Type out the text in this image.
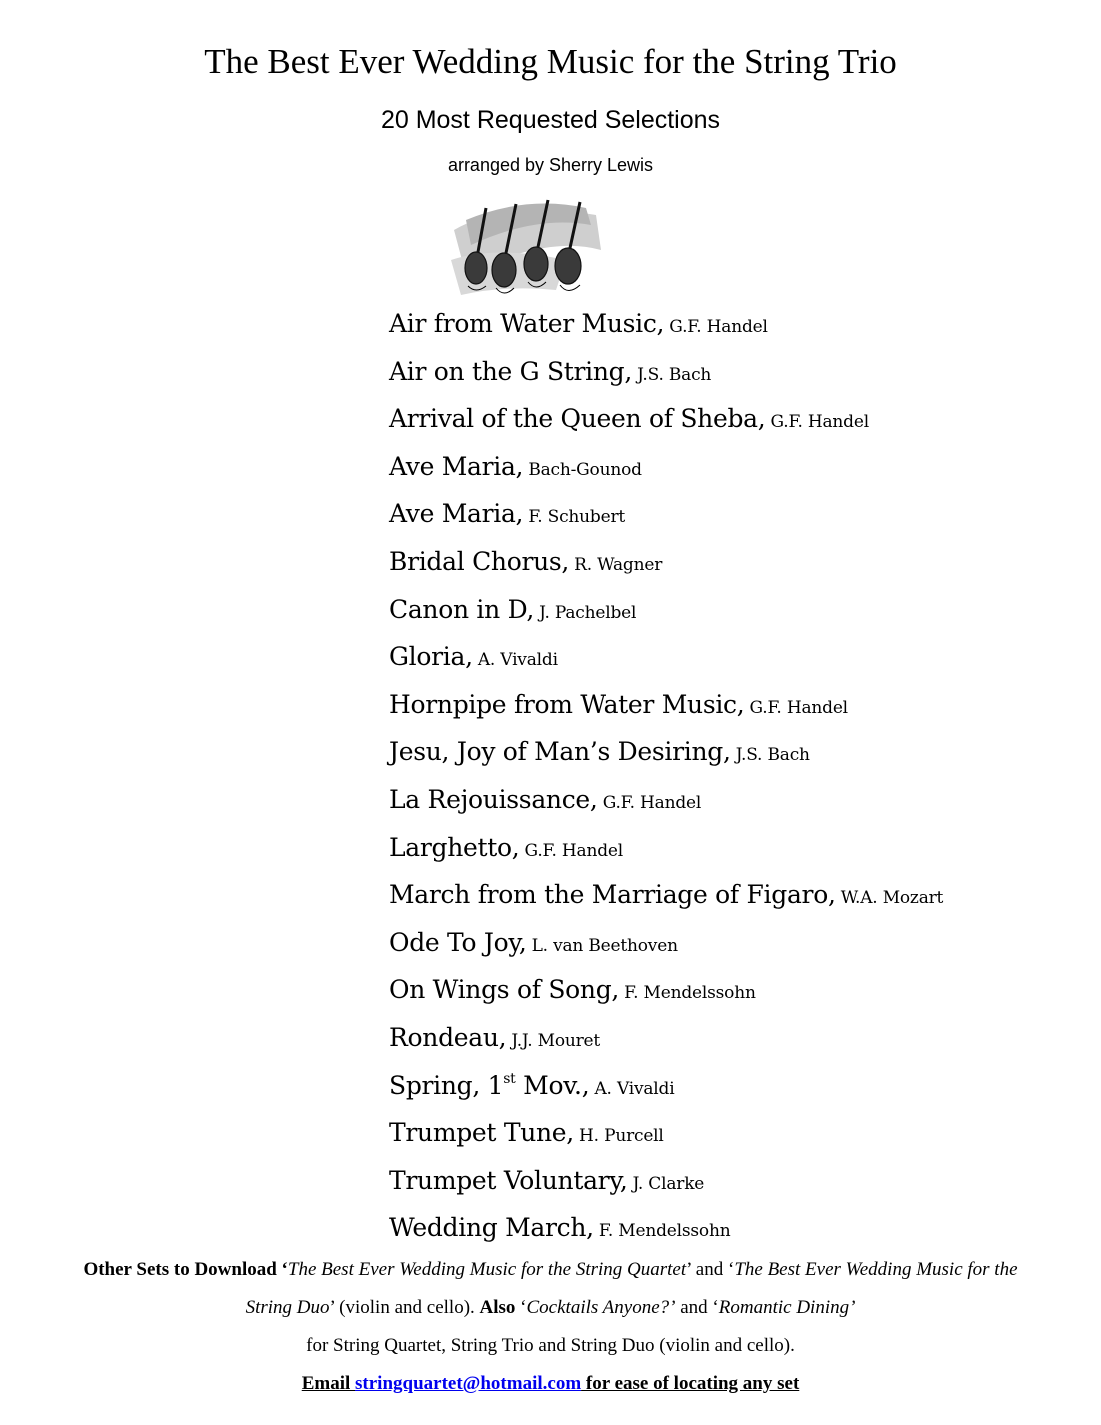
The Best Ever Wedding Music for the String Trio
20 Most Requested Selections
arranged by Sherry Lewis
Air from Water Music, G.F. Handel
Air on the G String, J.S. Bach
Arrival of the Queen of Sheba, G.F. Handel
Ave Maria, Bach-Gounod
Ave Maria, F. Schubert
Bridal Chorus, R. Wagner
Canon in D, J. Pachelbel
Gloria, A. Vivaldi
Hornpipe from Water Music, G.F. Handel
Jesu, Joy of Man’s Desiring, J.S. Bach
La Rejouissance, G.F. Handel
Larghetto, G.F. Handel
March from the Marriage of Figaro, W.A. Mozart
Ode To Joy, L. van Beethoven
On Wings of Song, F. Mendelssohn
Rondeau, J.J. Mouret
Spring, 1st Mov., A. Vivaldi
Trumpet Tune, H. Purcell
Trumpet Voluntary, J. Clarke
Wedding March, F. Mendelssohn
Other Sets to Download ‘The Best Ever Wedding Music for the String Quartet’ and ‘The Best Ever Wedding Music for the String Duo’ (violin and cello). Also ‘Cocktails Anyone?’ and ‘Romantic Dining’
for String Quartet, String Trio and String Duo (violin and cello).
Email stringquartet@hotmail.com for ease of locating any set
